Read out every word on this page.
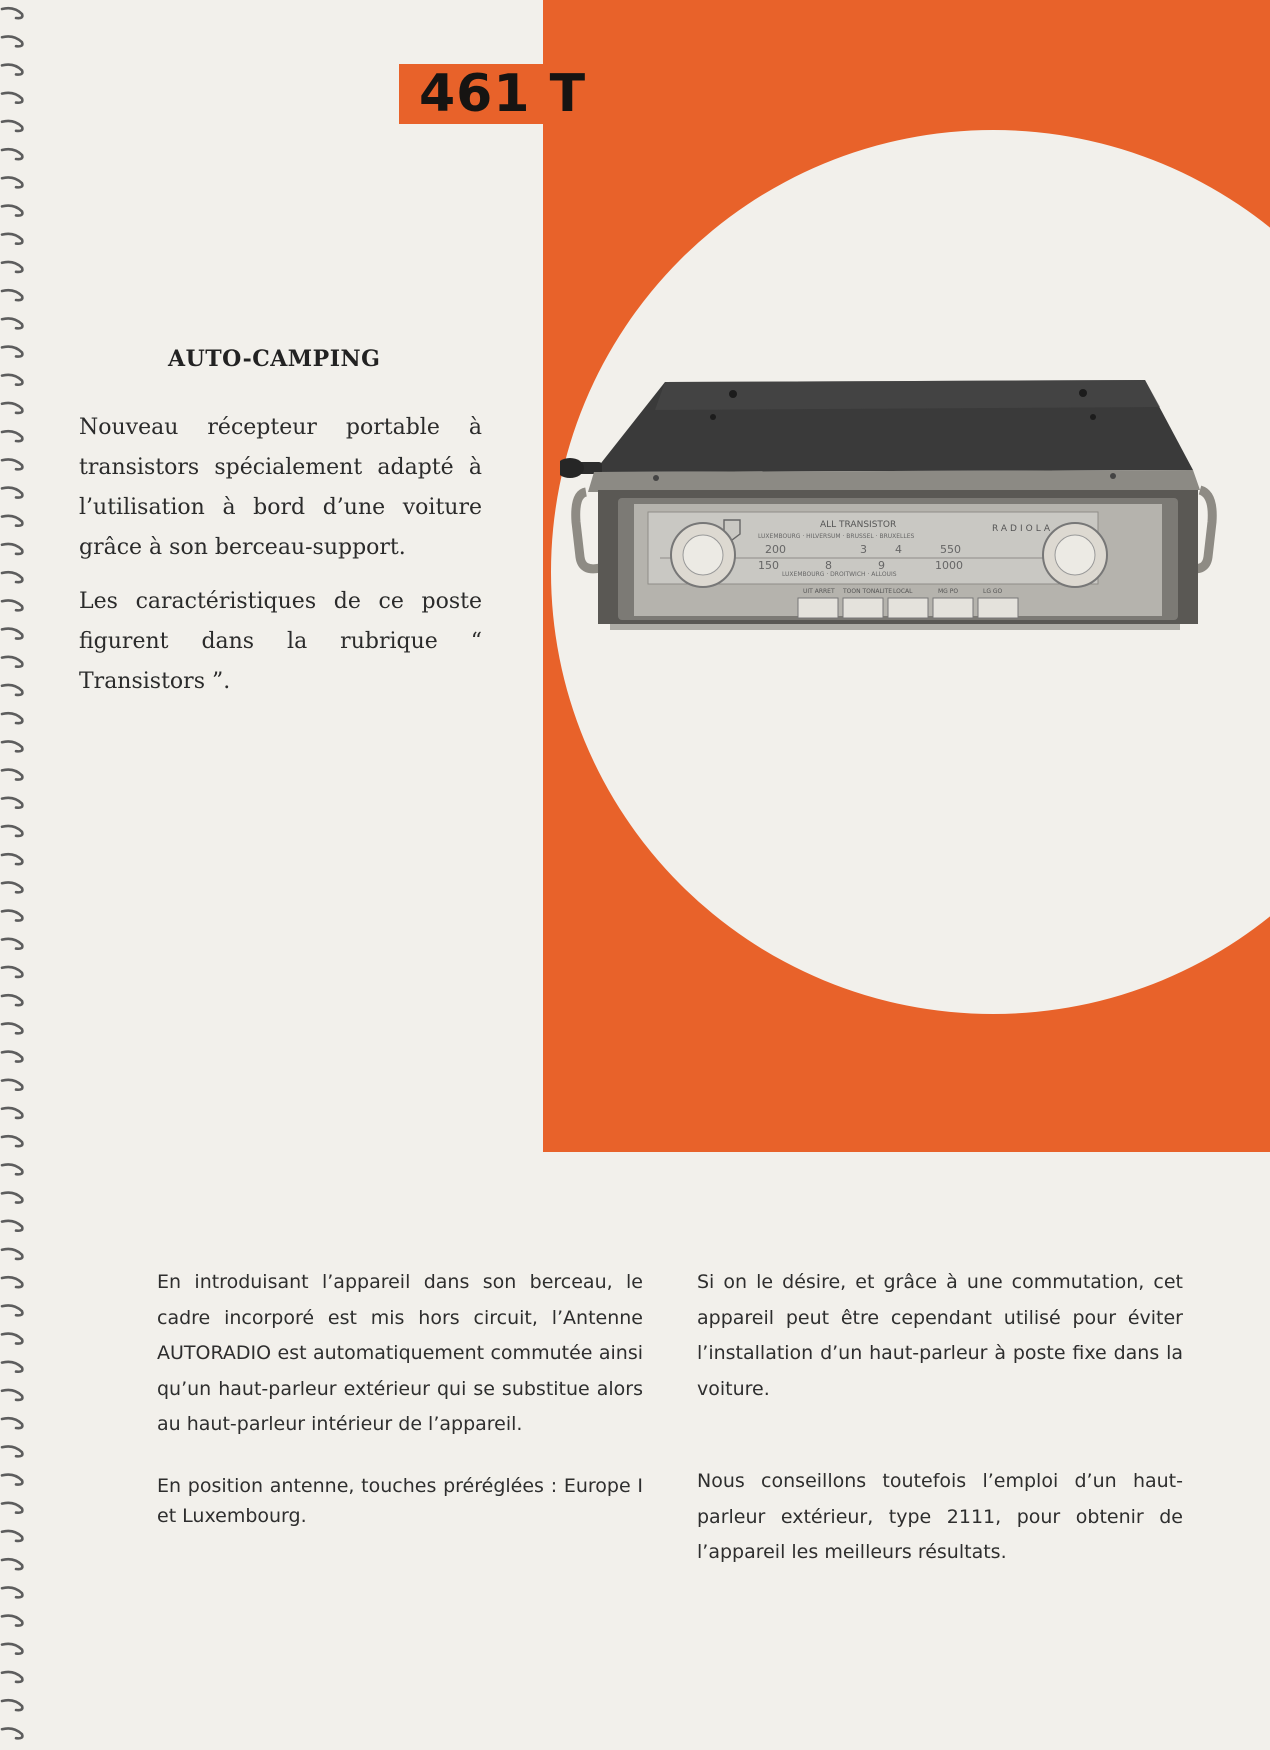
461 T
AUTO-CAMPING

Nouveau récepteur portable à transistors spécialement adapté à l’utilisation à bord d’une voiture grâce à son berceau-support.

Les caractéristiques de ce poste figurent dans la rubrique “ Transistors ”.

ALL TRANSISTOR	RADIOLA
LUXEMBOURG · HILVERSUM · BRUSSEL · BRUXELLES
LUXEMBOURG · DROITWICH · ALLOUIS
200	3	4	550
150	8	9	1000
UIT ARRET TOON TONALITE LOCAL	MG PO	LG GO

En introduisant l’appareil dans son berceau, le cadre incorporé est mis hors circuit, l’Antenne AUTORADIO est automatiquement commutée ainsi qu’un haut-parleur extérieur qui se substitue alors au haut-parleur intérieur de l’appareil.

En position antenne, touches préréglées : Europe I et Luxembourg.

Si on le désire, et grâce à une commutation, cet appareil peut être cependant utilisé pour éviter l’installation d’un haut-parleur à poste fixe dans la voiture.

Nous conseillons toutefois l’emploi d’un haut-parleur extérieur, type 2111, pour obtenir de l’appareil les meilleurs résultats.
